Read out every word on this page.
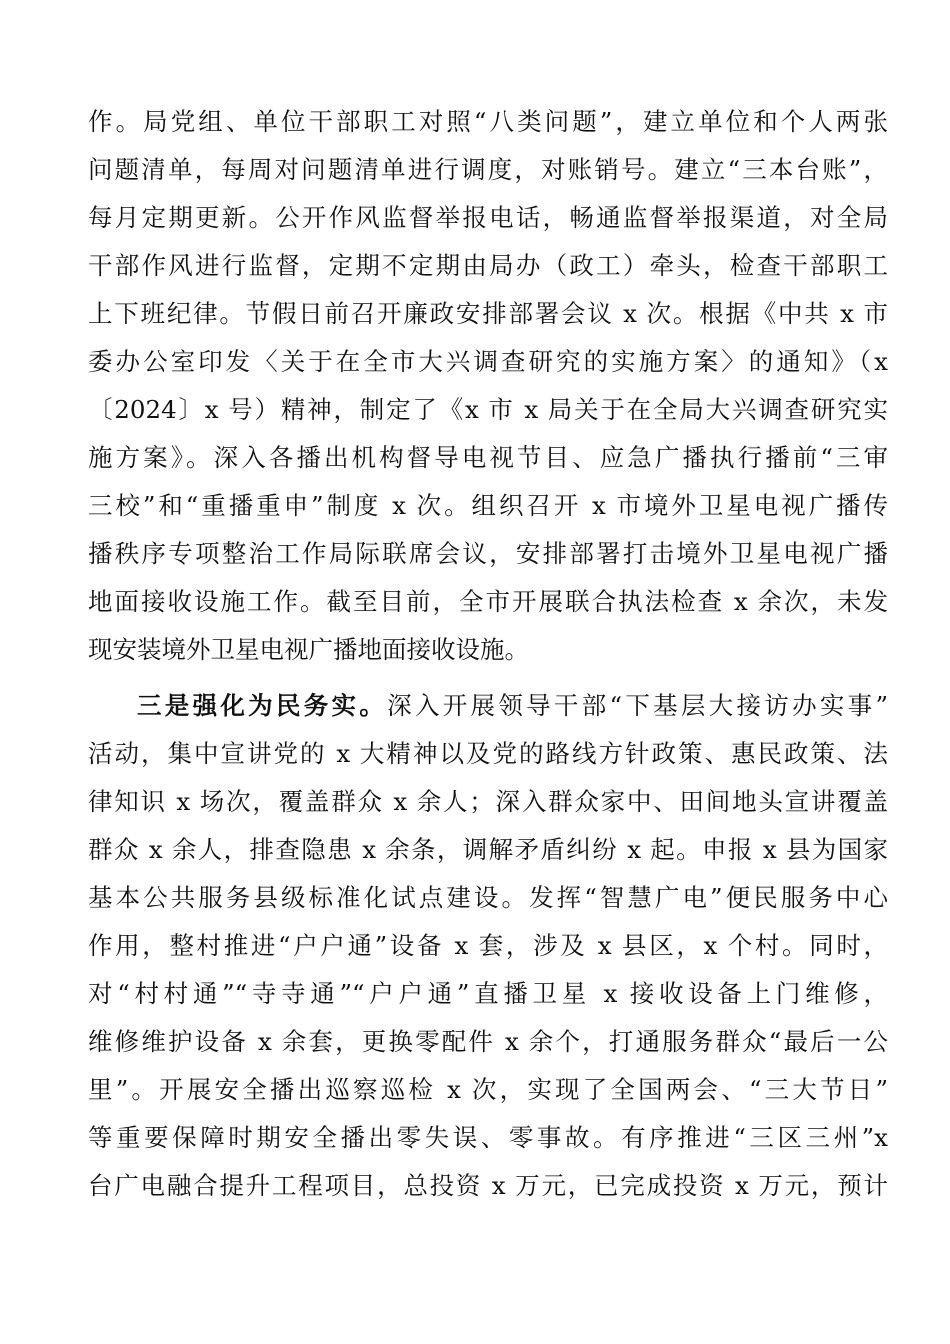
作。局党组、单位干部职工对照“八类问题”，建立单位和个人两张
问题清单，每周对问题清单进行调度，对账销号。建立“三本台账”，
每月定期更新。公开作风监督举报电话，畅通监督举报渠道，对全局
干部作风进行监督，定期不定期由局办（政工）牵头，检查干部职工
上下班纪律。节假日前召开廉政安排部署会议 x 次。根据《中共 x 市
委办公室印发〈关于在全市大兴调查研究的实施方案〉的通知》（x
〔2024〕x 号）精神，制定了《x 市 x 局关于在全局大兴调查研究实
施方案》。深入各播出机构督导电视节目、应急广播执行播前“三审
三校”和“重播重申”制度 x 次。组织召开 x 市境外卫星电视广播传
播秩序专项整治工作局际联席会议，安排部署打击境外卫星电视广播
地面接收设施工作。截至目前，全市开展联合执法检查 x 余次，未发
现安装境外卫星电视广播地面接收设施。
三是强化为民务实。深入开展领导干部“下基层大接访办实事”
活动，集中宣讲党的 x 大精神以及党的路线方针政策、惠民政策、法
律知识 x 场次，覆盖群众 x 余人；深入群众家中、田间地头宣讲覆盖
群众 x 余人，排查隐患 x 余条，调解矛盾纠纷 x 起。申报 x 县为国家
基本公共服务县级标准化试点建设。发挥“智慧广电”便民服务中心
作用，整村推进“户户通”设备 x 套，涉及 x 县区，x 个村。同时，
对“村村通”“寺寺通”“户户通”直播卫星 x 接收设备上门维修，
维修维护设备 x 余套，更换零配件 x 余个，打通服务群众“最后一公
里”。开展安全播出巡察巡检 x 次，实现了全国两会、“三大节日”
等重要保障时期安全播出零失误、零事故。有序推进“三区三州”x
台广电融合提升工程项目，总投资 x 万元，已完成投资 x 万元，预计
